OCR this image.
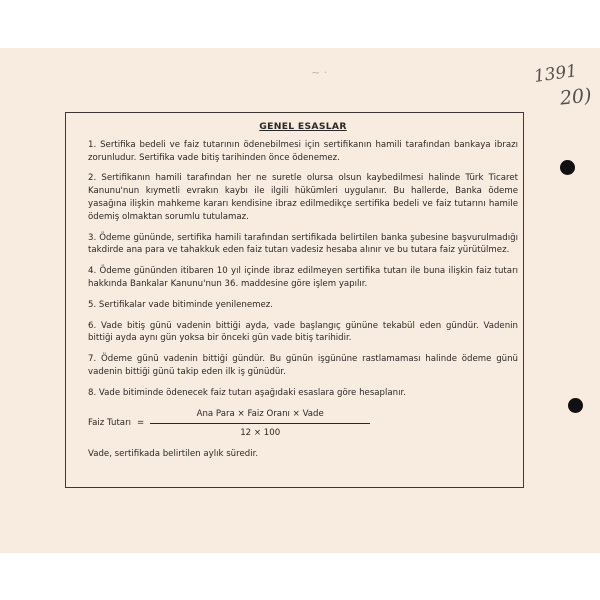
~ ·	1391
20)
GENEL ESASLAR

1. Sertifika bedeli ve faiz tutarının ödenebilmesi için sertifikanın hamili tarafından bankaya ibrazı zorunludur. Sertifika vade bitiş tarihinden önce ödenemez.

2. Sertifikanın hamili tarafından her ne suretle olursa olsun kaybedilmesi halinde Türk Ticaret Kanunu'nun kıymetli evrakın kaybı ile ilgili hükümleri uygulanır. Bu hallerde, Banka ödeme yasağına ilişkin mahkeme kararı kendisine ibraz edilmedikçe sertifika bedeli ve faiz tutarını hamile ödemiş olmaktan sorumlu tutulamaz.

3. Ödeme gününde, sertifika hamili tarafından sertifikada belirtilen banka şubesine başvurulmadığı takdirde ana para ve tahakkuk eden faiz tutarı vadesiz hesaba alınır ve bu tutara faiz yürütülmez.

4. Ödeme gününden itibaren 10 yıl içinde ibraz edilmeyen sertifika tutarı ile buna ilişkin faiz tutarı hakkında Bankalar Kanunu'nun 36. maddesine göre işlem yapılır.

5. Sertifikalar vade bitiminde yenilenemez.

6. Vade bitiş günü vadenin bittiği ayda, vade başlangıç gününe tekabül eden gündür. Vadenin bittiği ayda aynı gün yoksa bir önceki gün vade bitiş tarihidir.

7. Ödeme günü vadenin bittiği gündür. Bu günün işgününe rastlamaması halinde ödeme günü vadenin bittiği günü takip eden ilk iş günüdür.

8. Vade bitiminde ödenecek faiz tutarı aşağıdaki esaslara göre hesaplanır.

Faiz Tutarı = $\frac{\text{Ana Para × Faiz Oranı × Vade}}{12 \times 100}$

Vade, sertifikada belirtilen aylık süredir.
